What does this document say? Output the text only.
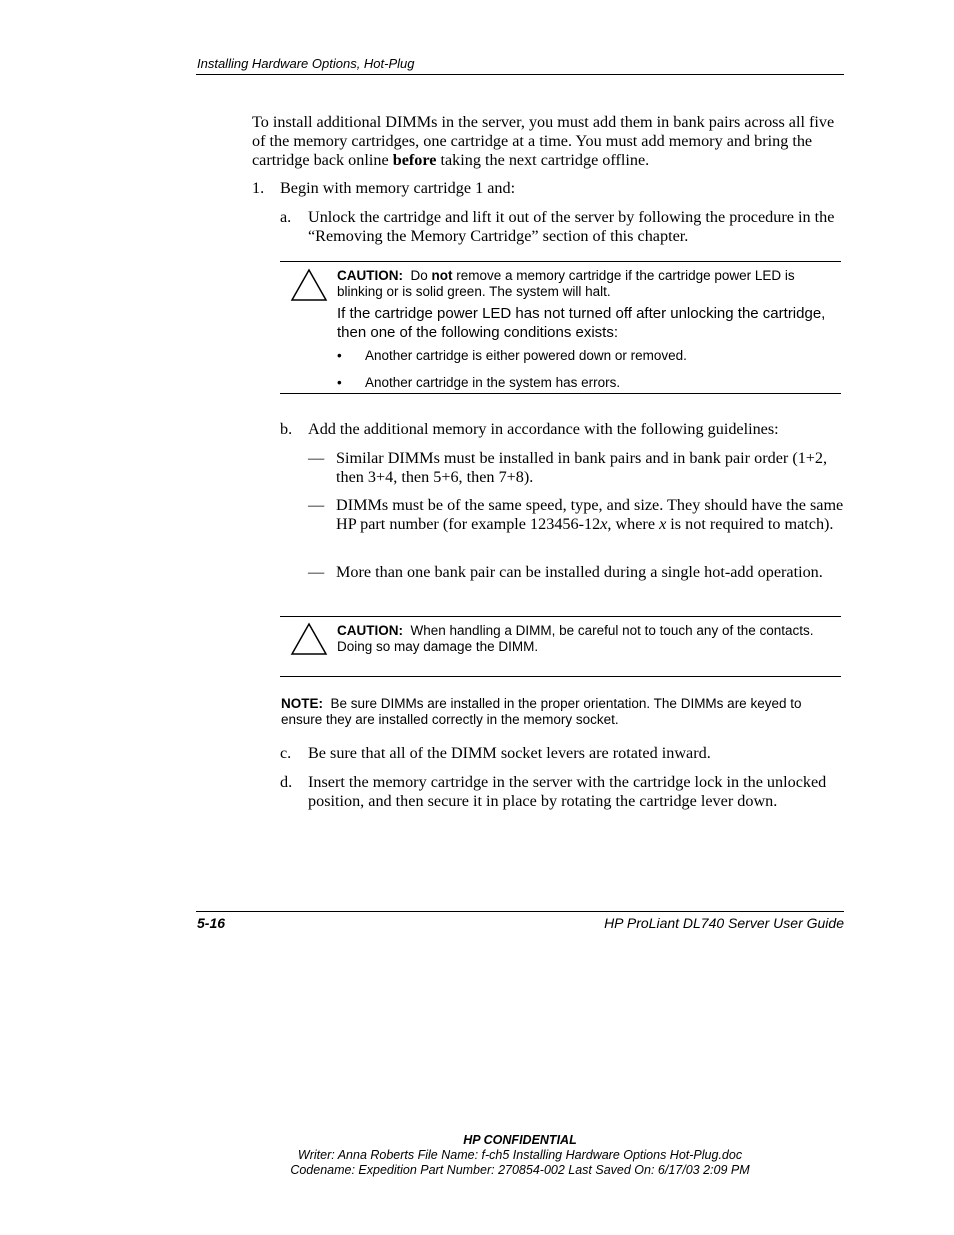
Installing Hardware Options, Hot-Plug
To install additional DIMMs in the server, you must add them in bank pairs across all five of the memory cartridges, one cartridge at a time. You must add memory and bring the cartridge back online before taking the next cartridge offline.
1. Begin with memory cartridge 1 and:
a. Unlock the cartridge and lift it out of the server by following the procedure in the “Removing the Memory Cartridge” section of this chapter.
CAUTION: Do not remove a memory cartridge if the cartridge power LED is blinking or is solid green. The system will halt.
If the cartridge power LED has not turned off after unlocking the cartridge, then one of the following conditions exists:
• Another cartridge is either powered down or removed.
• Another cartridge in the system has errors.
b. Add the additional memory in accordance with the following guidelines:
— Similar DIMMs must be installed in bank pairs and in bank pair order (1+2, then 3+4, then 5+6, then 7+8).
— DIMMs must be of the same speed, type, and size. They should have the same HP part number (for example 123456-12x, where x is not required to match).
— More than one bank pair can be installed during a single hot-add operation.
CAUTION: When handling a DIMM, be careful not to touch any of the contacts. Doing so may damage the DIMM.
NOTE: Be sure DIMMs are installed in the proper orientation. The DIMMs are keyed to ensure they are installed correctly in the memory socket.
c. Be sure that all of the DIMM socket levers are rotated inward.
d. Insert the memory cartridge in the server with the cartridge lock in the unlocked position, and then secure it in place by rotating the cartridge lever down.
5-16	HP ProLiant DL740 Server User Guide
HP CONFIDENTIAL
Writer: Anna Roberts File Name: f-ch5 Installing Hardware Options Hot-Plug.doc
Codename: Expedition Part Number: 270854-002 Last Saved On: 6/17/03 2:09 PM
